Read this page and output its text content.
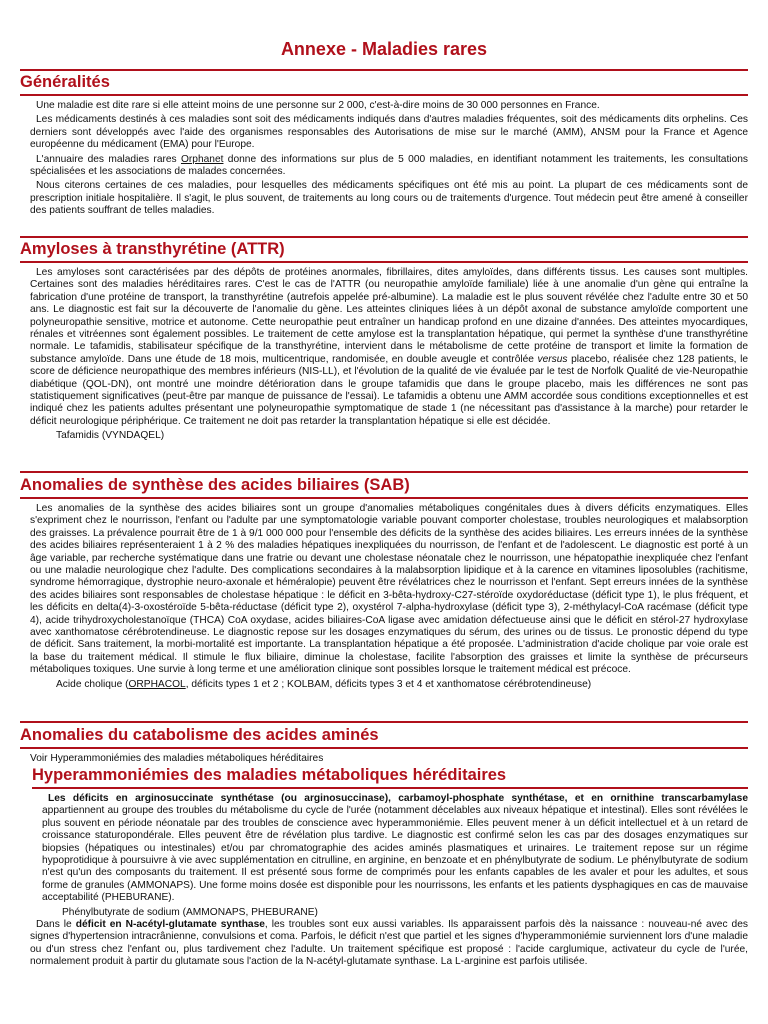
Annexe - Maladies rares
Généralités

Une maladie est dite rare si elle atteint moins de une personne sur 2 000, c'est-à-dire moins de 30 000 personnes en France.

Les médicaments destinés à ces maladies sont soit des médicaments indiqués dans d'autres maladies fréquentes, soit des médicaments dits orphelins. Ces derniers sont développés avec l'aide des organismes responsables des Autorisations de mise sur le marché (AMM), ANSM pour la France et Agence européenne du médicament (EMA) pour l'Europe.

L'annuaire des maladies rares Orphanet donne des informations sur plus de 5 000 maladies, en identifiant notamment les traitements, les consultations spécialisées et les associations de malades concernées.

Nous citerons certaines de ces maladies, pour lesquelles des médicaments spécifiques ont été mis au point. La plupart de ces médicaments sont de prescription initiale hospitalière. Il s'agit, le plus souvent, de traitements au long cours ou de traitements d'urgence. Tout médecin peut être amené à conseiller des patients souffrant de telles maladies.

Amyloses à transthyrétine (ATTR)

Les amyloses sont caractérisées par des dépôts de protéines anormales, fibrillaires, dites amyloïdes, dans différents tissus. Les causes sont multiples. Certaines sont des maladies héréditaires rares. C'est le cas de l'ATTR (ou neuropathie amyloïde familiale) liée à une anomalie d'un gène qui entraîne la fabrication d'une protéine de transport, la transthyrétine (autrefois appelée pré-albumine). La maladie est le plus souvent révélée chez l'adulte entre 30 et 50 ans. Le diagnostic est fait sur la découverte de l'anomalie du gène. Les atteintes cliniques liées à un dépôt axonal de substance amyloïde comportent une polyneuropathie sensitive, motrice et autonome. Cette neuropathie peut entraîner un handicap profond en une dizaine d'années. Des atteintes myocardiques, rénales et vitréennes sont également possibles. Le traitement de cette amylose est la transplantation hépatique, qui permet la synthèse d'une transthyrétine normale. Le tafamidis, stabilisateur spécifique de la transthyrétine, intervient dans le métabolisme de cette protéine de transport et limite la formation de substance amyloïde. Dans une étude de 18 mois, multicentrique, randomisée, en double aveugle et contrôlée versus placebo, réalisée chez 128 patients, le score de déficience neuropathique des membres inférieurs (NIS-LL), et l'évolution de la qualité de vie évaluée par le test de Norfolk Qualité de vie-Neuropathie diabétique (QOL-DN), ont montré une moindre détérioration dans le groupe tafamidis que dans le groupe placebo, mais les différences ne sont pas statistiquement significatives (peut-être par manque de puissance de l'essai). Le tafamidis a obtenu une AMM accordée sous conditions exceptionnelles et est indiqué chez les patients adultes présentant une polyneuropathie symptomatique de stade 1 (ne nécessitant pas d'assistance à la marche) pour retarder le déficit neurologique périphérique. Ce traitement ne doit pas retarder la transplantation hépatique si elle est décidée.

Tafamidis (VYNDAQEL)
Anomalies de synthèse des acides biliaires (SAB)

Les anomalies de la synthèse des acides biliaires sont un groupe d'anomalies métaboliques congénitales dues à divers déficits enzymatiques. Elles s'expriment chez le nourrisson, l'enfant ou l'adulte par une symptomatologie variable pouvant comporter cholestase, troubles neurologiques et malabsorption des graisses. La prévalence pourrait être de 1 à 9/1 000 000 pour l'ensemble des déficits de la synthèse des acides biliaires. Les erreurs innées de la synthèse des acides biliaires représenteraient 1 à 2 % des maladies hépatiques inexpliquées du nourrisson, de l'enfant et de l'adolescent. Le diagnostic est porté à un âge variable, par recherche systématique dans une fratrie ou devant une cholestase néonatale chez le nourrisson, une hépatopathie inexpliquée chez l'enfant ou une maladie neurologique chez l'adulte. Des complications secondaires à la malabsorption lipidique et à la carence en vitamines liposolubles (rachitisme, syndrome hémorragique, dystrophie neuro-axonale et héméralopie) peuvent être révélatrices chez le nourrisson et l'enfant. Sept erreurs innées de la synthèse des acides biliaires sont responsables de cholestase hépatique : le déficit en 3-bêta-hydroxy-C27-stéroïde oxydoréductase (déficit type 1), le plus fréquent, et les déficits en delta(4)-3-oxostéroïde 5-bêta-réductase (déficit type 2), oxystérol 7-alpha-hydroxylase (déficit type 3), 2-méthylacyl-CoA racémase (déficit type 4), acide trihydroxycholestanoïque (THCA) CoA oxydase, acides biliaires-CoA ligase avec amidation défectueuse ainsi que le déficit en stérol-27 hydroxylase avec xanthomatose cérébrotendineuse. Le diagnostic repose sur les dosages enzymatiques du sérum, des urines ou de tissus. Le pronostic dépend du type de déficit. Sans traitement, la morbi-mortalité est importante. La transplantation hépatique a été proposée. L'administration d'acide cholique par voie orale est la base du traitement médical. Il stimule le flux biliaire, diminue la cholestase, facilite l'absorption des graisses et limite la synthèse de précurseurs métaboliques toxiques. Une survie à long terme et une amélioration clinique sont possibles lorsque le traitement médical est précoce.

Acide cholique (ORPHACOL, déficits types 1 et 2 ; KOLBAM, déficits types 3 et 4 et xanthomatose cérébrotendineuse)
Anomalies du catabolisme des acides aminés

Voir Hyperammoniémies des maladies métaboliques héréditaires

Hyperammoniémies des maladies métaboliques héréditaires

Les déficits en arginosuccinate synthétase (ou arginosuccinase), carbamoyl-phosphate synthétase, et en ornithine transcarbamylase appartiennent au groupe des troubles du métabolisme du cycle de l'urée (notamment décelables aux niveaux hépatique et intestinal). Elles sont révélées le plus souvent en période néonatale par des troubles de conscience avec hyperammoniémie. Elles peuvent mener à un déficit intellectuel et à un retard de croissance staturopondérale. Elles peuvent être de révélation plus tardive. Le diagnostic est confirmé selon les cas par des dosages enzymatiques sur biopsies (hépatiques ou intestinales) et/ou par chromatographie des acides aminés plasmatiques et urinaires. Le traitement repose sur un régime hypoprotidique à poursuivre à vie avec supplémentation en citrulline, en arginine, en benzoate et en phénylbutyrate de sodium. Le phénylbutyrate de sodium n'est qu'un des composants du traitement. Il est présenté sous forme de comprimés pour les enfants capables de les avaler et pour les adultes, et sous forme de granules (AMMONAPS). Une forme moins dosée est disponible pour les nourrissons, les enfants et les patients dysphagiques en cas de mauvaise acceptabilité (PHEBURANE).

Phénylbutyrate de sodium (AMMONAPS, PHEBURANE)

Dans le déficit en N-acétyl-glutamate synthase, les troubles sont eux aussi variables. Ils apparaissent parfois dès la naissance : nouveau-né avec des signes d'hypertension intracrânienne, convulsions et coma. Parfois, le déficit n'est que partiel et les signes d'hyperammoniémie surviennent lors d'une maladie ou d'un stress chez l'enfant ou, plus tardivement chez l'adulte. Un traitement spécifique est proposé : l'acide carglumique, activateur du cycle de l'urée, normalement produit à partir du glutamate sous l'action de la N-acétyl-glutamate synthase. La L-arginine est parfois utilisée.
